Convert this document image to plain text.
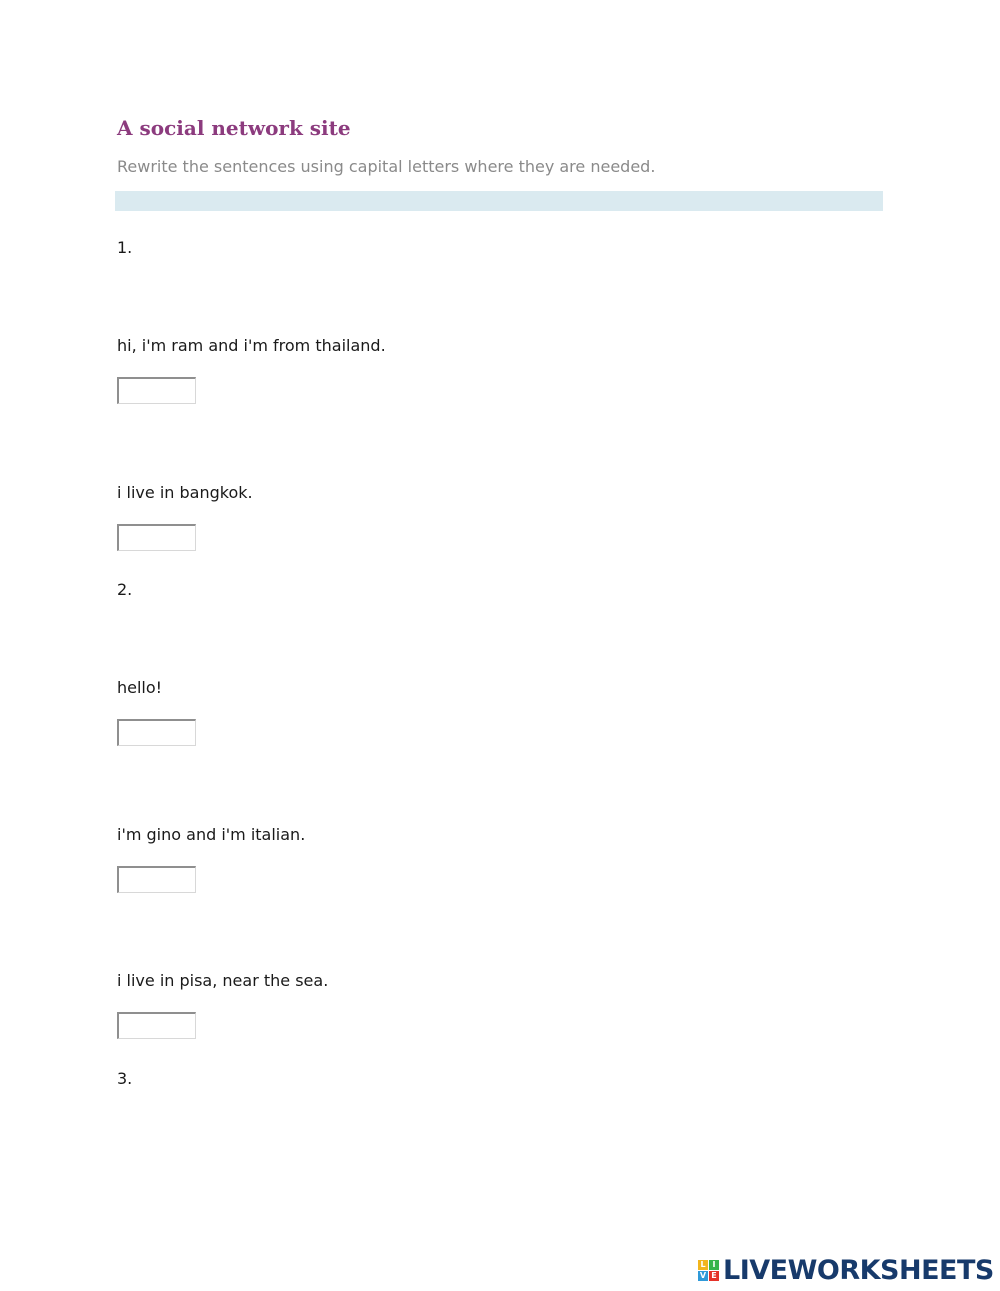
A social network site
Rewrite the sentences using capital letters where they are needed.
1.
hi, i'm ram and i'm from thailand.
i live in bangkok.
2.
hello!
i'm gino and i'm italian.
i live in pisa, near the sea.
3.
L I
V E LIVEWORKSHEETS
